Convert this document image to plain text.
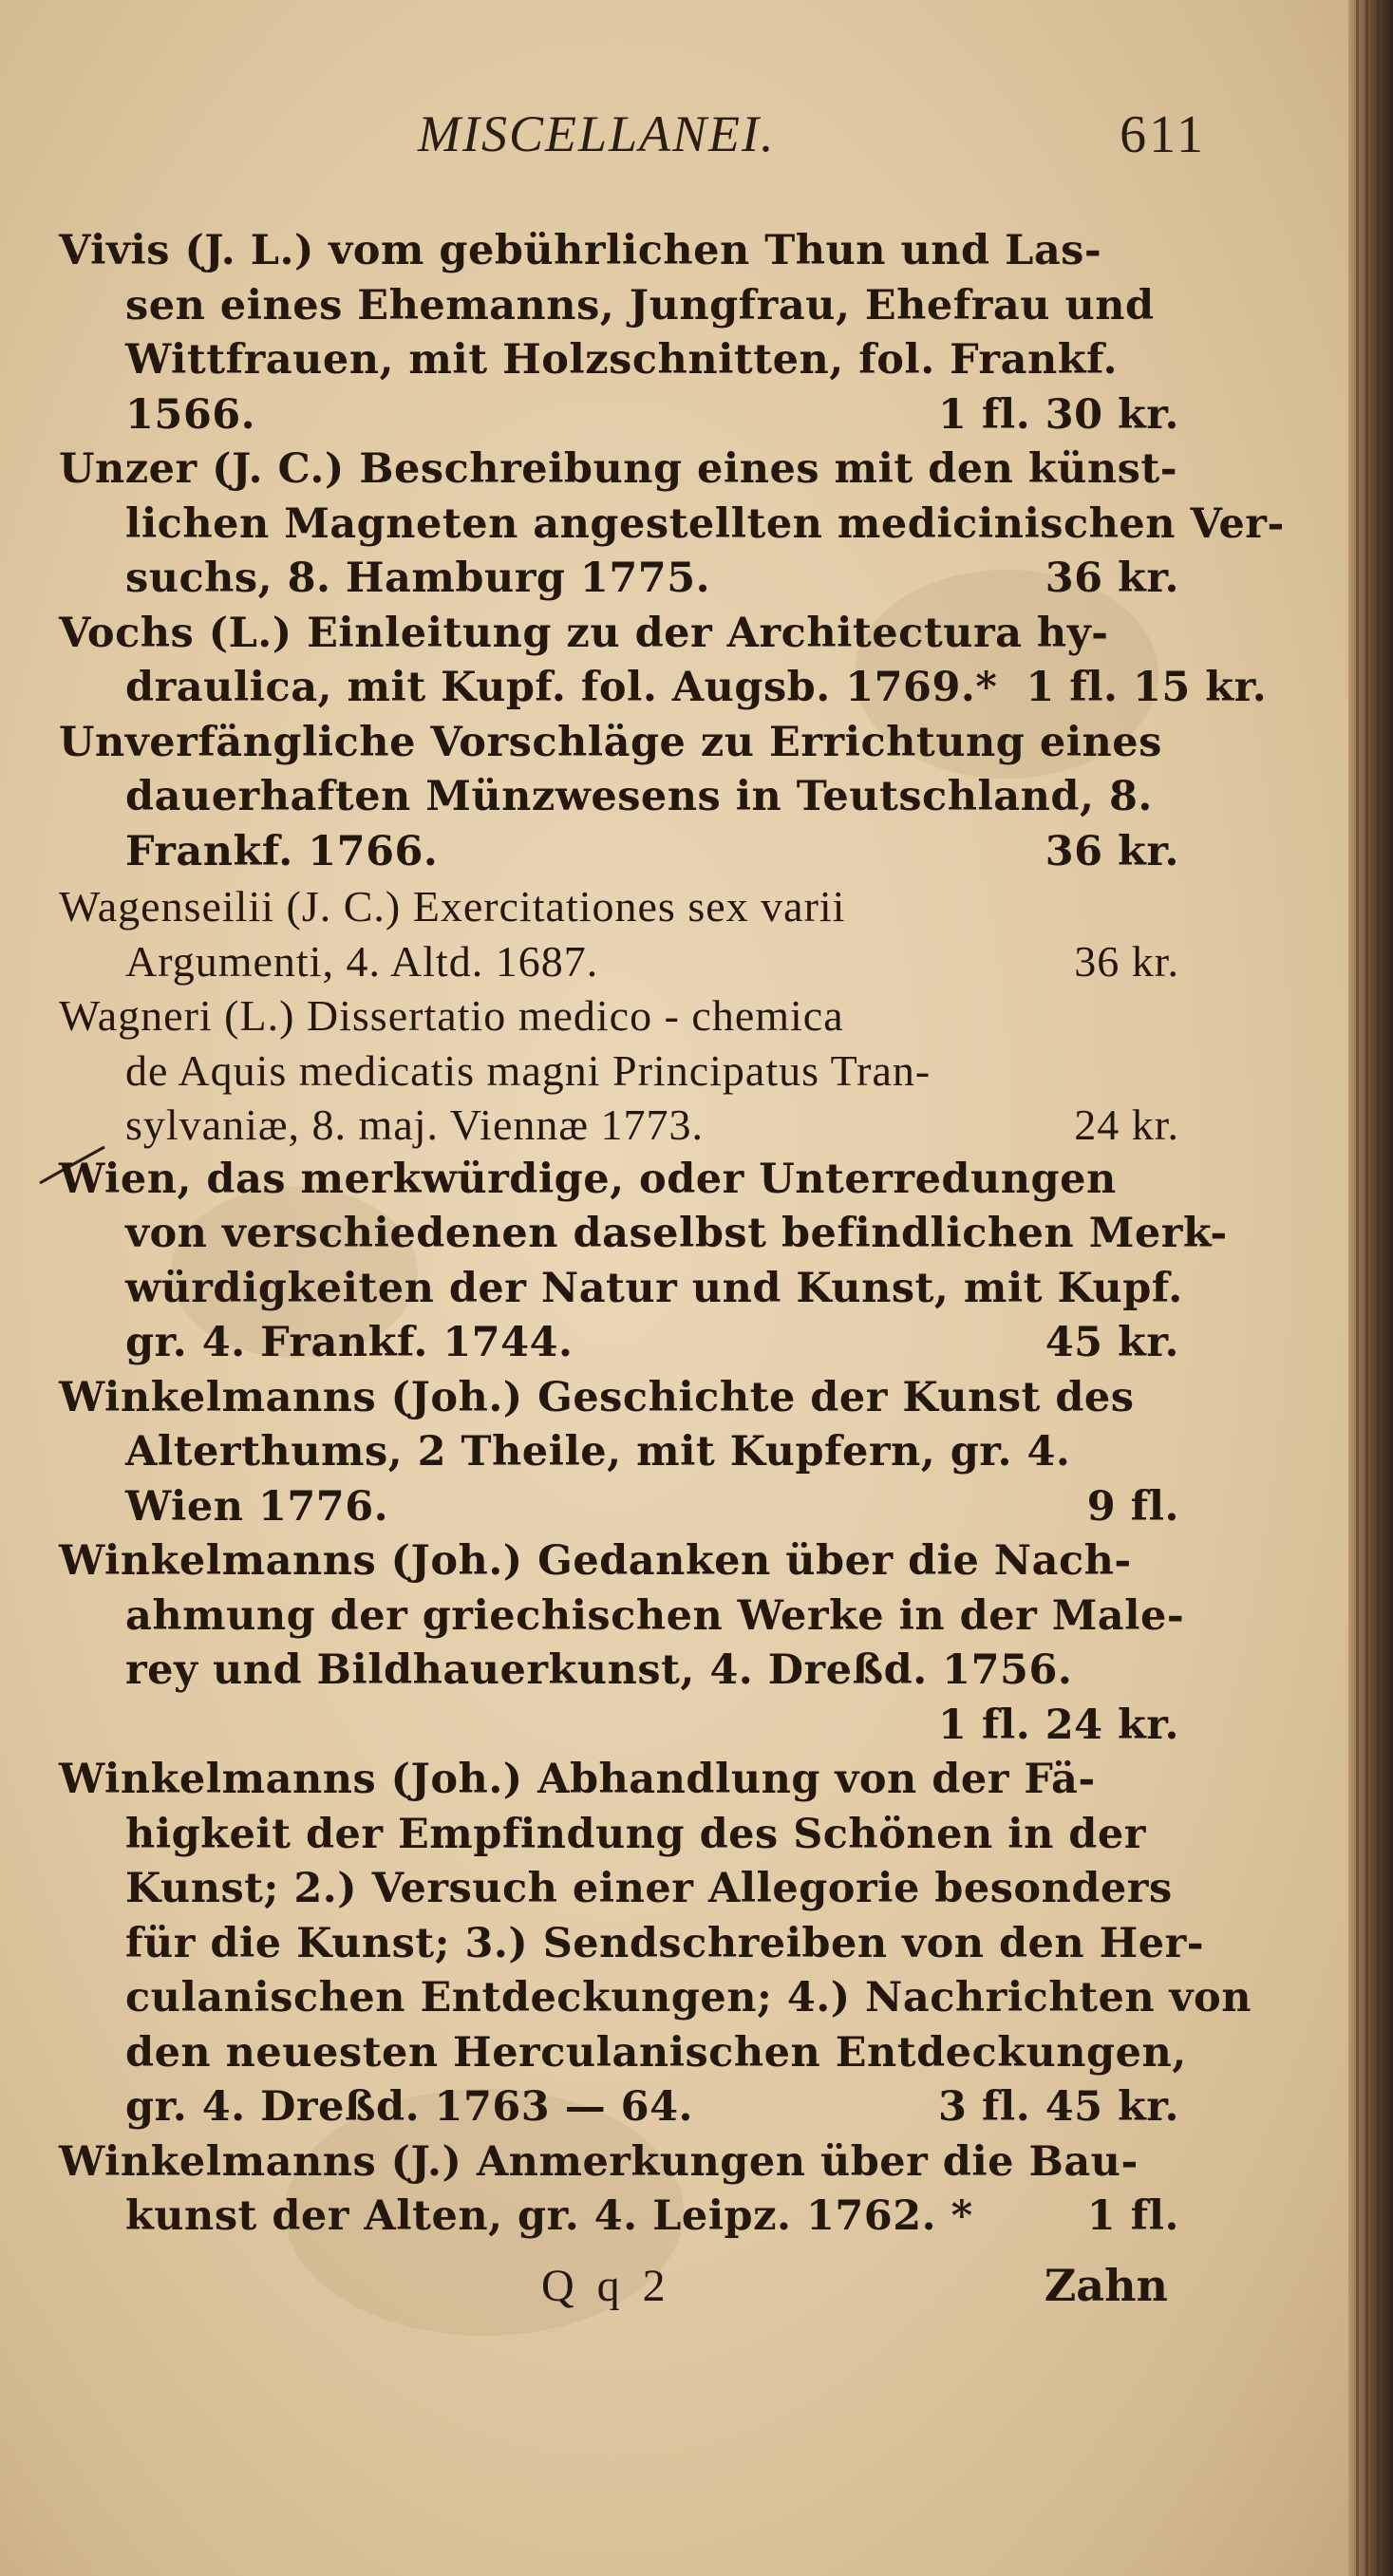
MISCELLANEI.	611
Vivis (J. L.) vom gebührlichen Thun und Las-
sen eines Ehemanns, Jungfrau, Ehefrau und
Wittfrauen, mit Holzschnitten, fol. Frankf.
1566.	1 fl. 30 kr.
Unzer (J. C.) Beschreibung eines mit den künst-
lichen Magneten angestellten medicinischen Ver-
suchs, 8. Hamburg 1775.	36 kr.
Vochs (L.) Einleitung zu der Architectura hy-
draulica, mit Kupf. fol. Augsb. 1769.* 1 fl. 15 kr.
Unverfängliche Vorschläge zu Errichtung eines
dauerhaften Münzwesens in Teutschland, 8.
Frankf. 1766.	36 kr.
Wagenseilii (J. C.) Exercitationes sex varii
Argumenti, 4. Altd. 1687.	36 kr.
Wagneri (L.) Dissertatio medico - chemica
de Aquis medicatis magni Principatus Tran-
sylvaniæ, 8. maj. Viennæ 1773.	24 kr.
Wien, das merkwürdige, oder Unterredungen
von verschiedenen daselbst befindlichen Merk-
würdigkeiten der Natur und Kunst, mit Kupf.
gr. 4. Frankf. 1744.	45 kr.
Winkelmanns (Joh.) Geschichte der Kunst des
Alterthums, 2 Theile, mit Kupfern, gr. 4.
Wien 1776.	9 fl.
Winkelmanns (Joh.) Gedanken über die Nach-
ahmung der griechischen Werke in der Male-
rey und Bildhauerkunst, 4. Dreßd. 1756.
1 fl. 24 kr.
Winkelmanns (Joh.) Abhandlung von der Fä-
higkeit der Empfindung des Schönen in der
Kunst; 2.) Versuch einer Allegorie besonders
für die Kunst; 3.) Sendschreiben von den Her-
culanischen Entdeckungen; 4.) Nachrichten von
den neuesten Herculanischen Entdeckungen,
gr. 4. Dreßd. 1763 — 64.	3 fl. 45 kr.
Winkelmanns (J.) Anmerkungen über die Bau-
kunst der Alten, gr. 4. Leipz. 1762. *	1 fl.
Q q 2	Zahn
